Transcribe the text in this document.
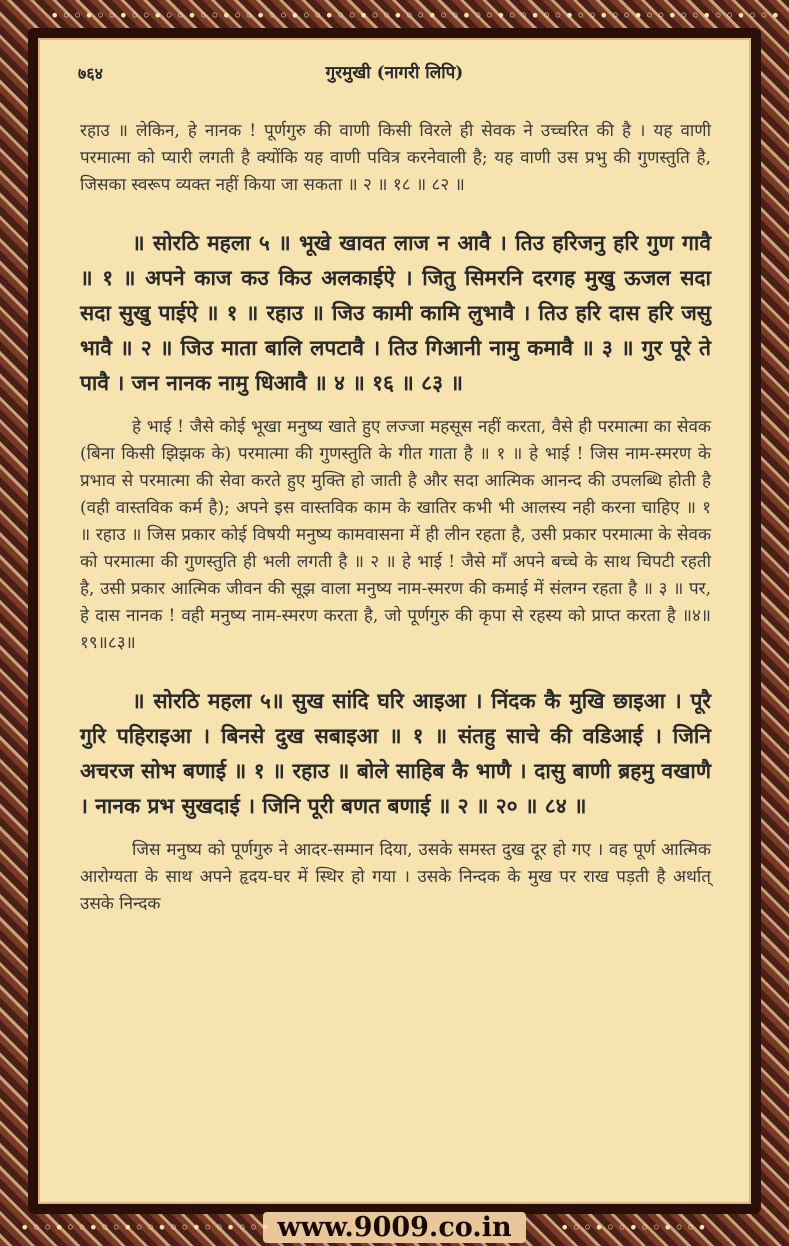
•◦◦•◦◦•◦◦•◦◦•◦◦•◦◦•◦◦•◦◦•◦◦•◦◦•◦◦•◦◦•◦◦•◦◦•◦◦•◦◦•◦◦•◦◦•◦◦•◦◦•◦◦•
७६४	गुरमुखी (नागरी लिपि)

रहाउ ॥ लेकिन, हे नानक ! पूर्णगुरु की वाणी किसी विरले ही सेवक ने उच्चरित की है । यह वाणी परमात्मा को प्यारी लगती है क्योंकि यह वाणी पवित्र करनेवाली है; यह वाणी उस प्रभु की गुणस्तुति है, जिसका स्वरूप व्यक्त नहीं किया जा सकता ॥ २ ॥ १८ ॥ ८२ ॥

॥ सोरठि महला ५ ॥ भूखे खावत लाज न आवै । तिउ हरिजनु हरि गुण गावै ॥ १ ॥ अपने काज कउ किउ अलकाईऐ । जितु सिमरनि दरगह मुखु ऊजल सदा सदा सुखु पाईऐ ॥ १ ॥ रहाउ ॥ जिउ कामी कामि लुभावै । तिउ हरि दास हरि जसु भावै ॥ २ ॥ जिउ माता बालि लपटावै । तिउ गिआनी नामु कमावै ॥ ३ ॥ गुर पूरे ते पावै । जन नानक नामु धिआवै ॥ ४ ॥ १६ ॥ ८३ ॥

हे भाई ! जैसे कोई भूखा मनुष्य खाते हुए लज्जा महसूस नहीं करता, वैसे ही परमात्मा का सेवक (बिना किसी झिझक के) परमात्मा की गुणस्तुति के गीत गाता है ॥ १ ॥ हे भाई ! जिस नाम-स्मरण के प्रभाव से परमात्मा की सेवा करते हुए मुक्ति हो जाती है और सदा आत्मिक आनन्द की उपलब्धि होती है (वही वास्तविक कर्म है); अपने इस वास्तविक काम के खातिर कभी भी आलस्य नही करना चाहिए ॥ १ ॥ रहाउ ॥ जिस प्रकार कोई विषयी मनुष्य कामवासना में ही लीन रहता है, उसी प्रकार परमात्मा के सेवक को परमात्मा की गुणस्तुति ही भली लगती है ॥ २ ॥ हे भाई ! जैसे माँ अपने बच्चे के साथ चिपटी रहती है, उसी प्रकार आत्मिक जीवन की सूझ वाला मनुष्य नाम-स्मरण की कमाई में संलग्न रहता है ॥ ३ ॥ पर, हे दास नानक ! वही मनुष्य नाम-स्मरण करता है, जो पूर्णगुरु की कृपा से रहस्य को प्राप्त करता है ॥४॥१९॥८३॥

॥ सोरठि महला ५॥ सुख सांदि घरि आइआ । निंदक कै मुखि छाइआ । पूरै गुरि पहिराइआ । बिनसे दुख सबाइआ ॥ १ ॥ संतहु साचे की वडिआई । जिनि अचरज सोभ बणाई ॥ १ ॥ रहाउ ॥ बोले साहिब कै भाणै । दासु बाणी ब्रहमु वखाणै । नानक प्रभ सुखदाई । जिनि पूरी बणत बणाई ॥ २ ॥ २० ॥ ८४ ॥

जिस मनुष्य को पूर्णगुरु ने आदर-सम्मान दिया, उसके समस्त दुख दूर हो गए । वह पूर्ण आत्मिक आरोग्यता के साथ अपने हृदय-घर में स्थिर हो गया । उसके निन्दक के मुख पर राख पड़ती है अर्थात् उसके निन्दक

www.9009.co.in
•◦◦•◦◦•◦◦•◦◦•◦◦•◦◦•◦◦•	•◦◦•◦◦•◦◦•◦◦•
